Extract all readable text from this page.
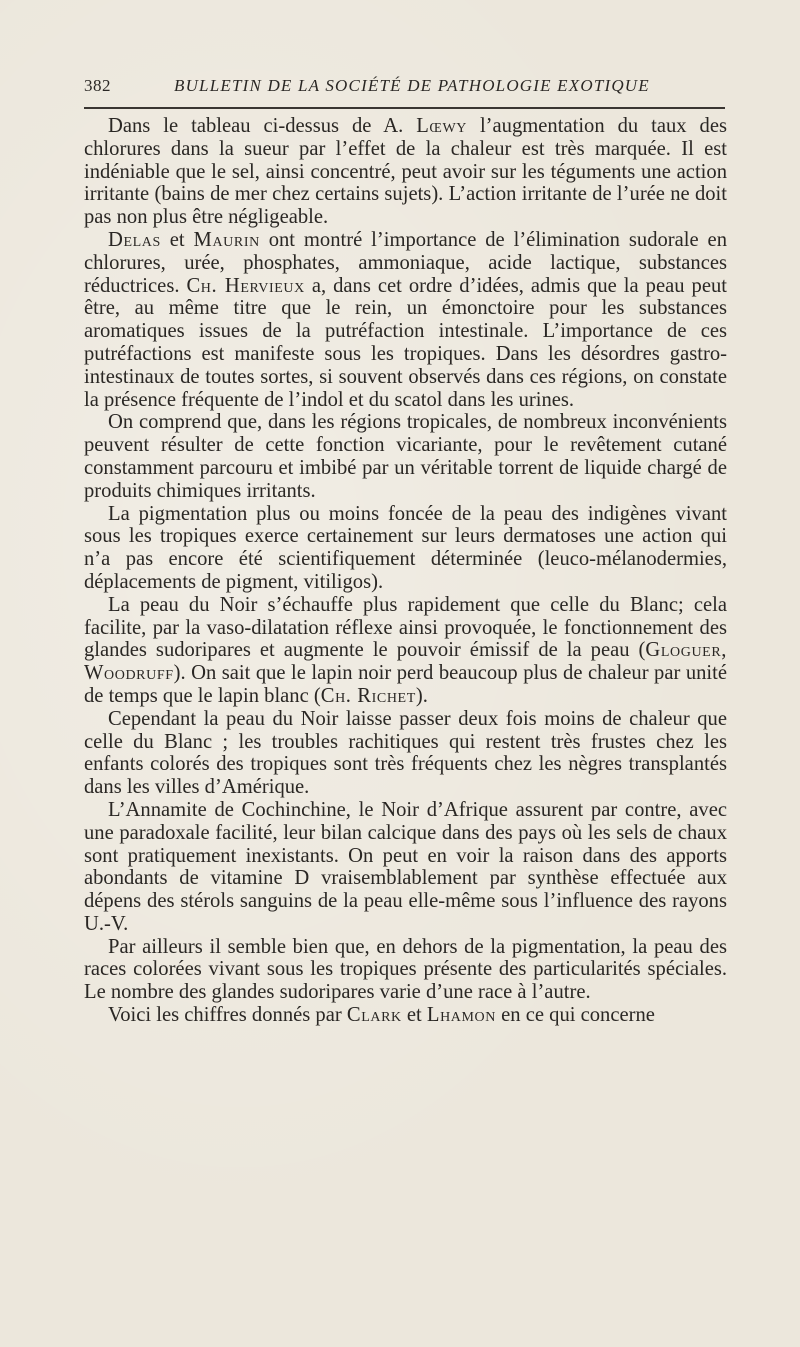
382	BULLETIN DE LA SOCIÉTÉ DE PATHOLOGIE EXOTIQUE

Dans le tableau ci-dessus de A. Lœwy l’augmentation du taux des chlorures dans la sueur par l’effet de la chaleur est très marquée. Il est indéniable que le sel, ainsi concentré, peut avoir sur les téguments une action irritante (bains de mer chez certains sujets). L’action irritante de l’urée ne doit pas non plus être négligeable.

Delas et Maurin ont montré l’importance de l’élimination sudorale en chlorures, urée, phosphates, ammoniaque, acide lactique, substances réductrices. Ch. Hervieux a, dans cet ordre d’idées, admis que la peau peut être, au même titre que le rein, un émonctoire pour les substances aromatiques issues de la putréfaction intestinale. L’importance de ces putréfactions est manifeste sous les tropiques. Dans les désordres gastro-intestinaux de toutes sortes, si souvent observés dans ces régions, on constate la présence fréquente de l’indol et du scatol dans les urines.

On comprend que, dans les régions tropicales, de nombreux inconvénients peuvent résulter de cette fonction vicariante, pour le revêtement cutané constamment parcouru et imbibé par un véritable torrent de liquide chargé de produits chimiques irritants.

La pigmentation plus ou moins foncée de la peau des indigènes vivant sous les tropiques exerce certainement sur leurs dermatoses une action qui n’a pas encore été scientifiquement déterminée (leuco-mélanodermies, déplacements de pigment, vitiligos).

La peau du Noir s’échauffe plus rapidement que celle du Blanc; cela facilite, par la vaso-dilatation réflexe ainsi provoquée, le fonctionnement des glandes sudoripares et augmente le pouvoir émissif de la peau (Gloguer, Woodruff). On sait que le lapin noir perd beaucoup plus de chaleur par unité de temps que le lapin blanc (Ch. Richet).

Cependant la peau du Noir laisse passer deux fois moins de chaleur que celle du Blanc ; les troubles rachitiques qui restent très frustes chez les enfants colorés des tropiques sont très fréquents chez les nègres transplantés dans les villes d’Amérique.

L’Annamite de Cochinchine, le Noir d’Afrique assurent par contre, avec une paradoxale facilité, leur bilan calcique dans des pays où les sels de chaux sont pratiquement inexistants. On peut en voir la raison dans des apports abondants de vitamine D vraisemblablement par synthèse effectuée aux dépens des stérols sanguins de la peau elle-même sous l’influence des rayons U.-V.

Par ailleurs il semble bien que, en dehors de la pigmentation, la peau des races colorées vivant sous les tropiques présente des particularités spéciales. Le nombre des glandes sudoripares varie d’une race à l’autre.

Voici les chiffres donnés par Clark et Lhamon en ce qui concerne
